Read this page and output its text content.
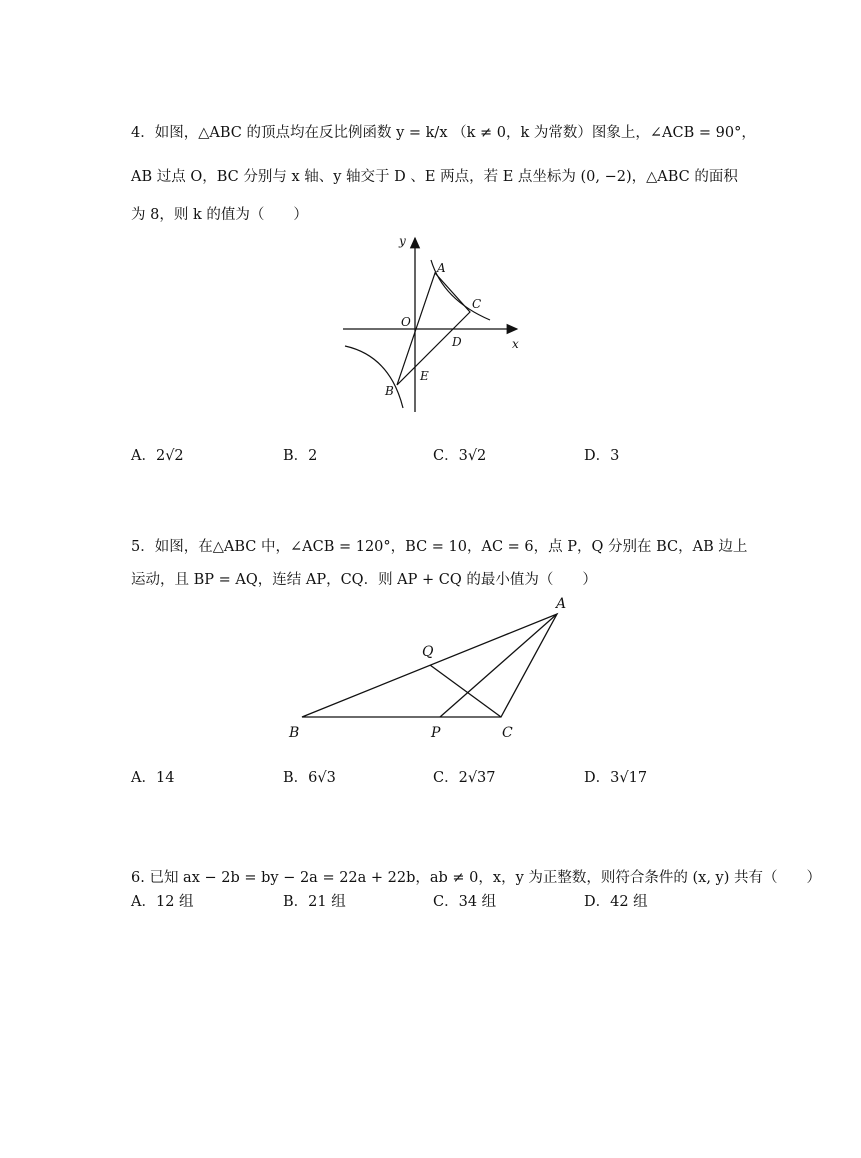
4．如图，△ABC 的顶点均在反比例函数 y = k/x （k ≠ 0，k 为常数）图象上，∠ACB = 90°，
AB 过点 O，BC 分别与 x 轴、y 轴交于 D 、E 两点，若 E 点坐标为 (0, −2)，△ABC 的面积
为 8，则 k 的值为（　　）
y
x
O
A
C
D
E
B
A．2√2	B．2	C．3√2	D．3
5．如图，在△ABC 中，∠ACB = 120°，BC = 10，AC = 6，点 P，Q 分别在 BC，AB 边上
运动，且 BP = AQ，连结 AP，CQ．则 AP + CQ 的最小值为（　　）
A
Q
B	P	C
A．14	B．6√3	C．2√37	D．3√17
6. 已知 ax − 2b = by − 2a = 22a + 22b，ab ≠ 0，x，y 为正整数，则符合条件的 (x, y) 共有（　　）
A．12 组	B．21 组	C．34 组	D．42 组
